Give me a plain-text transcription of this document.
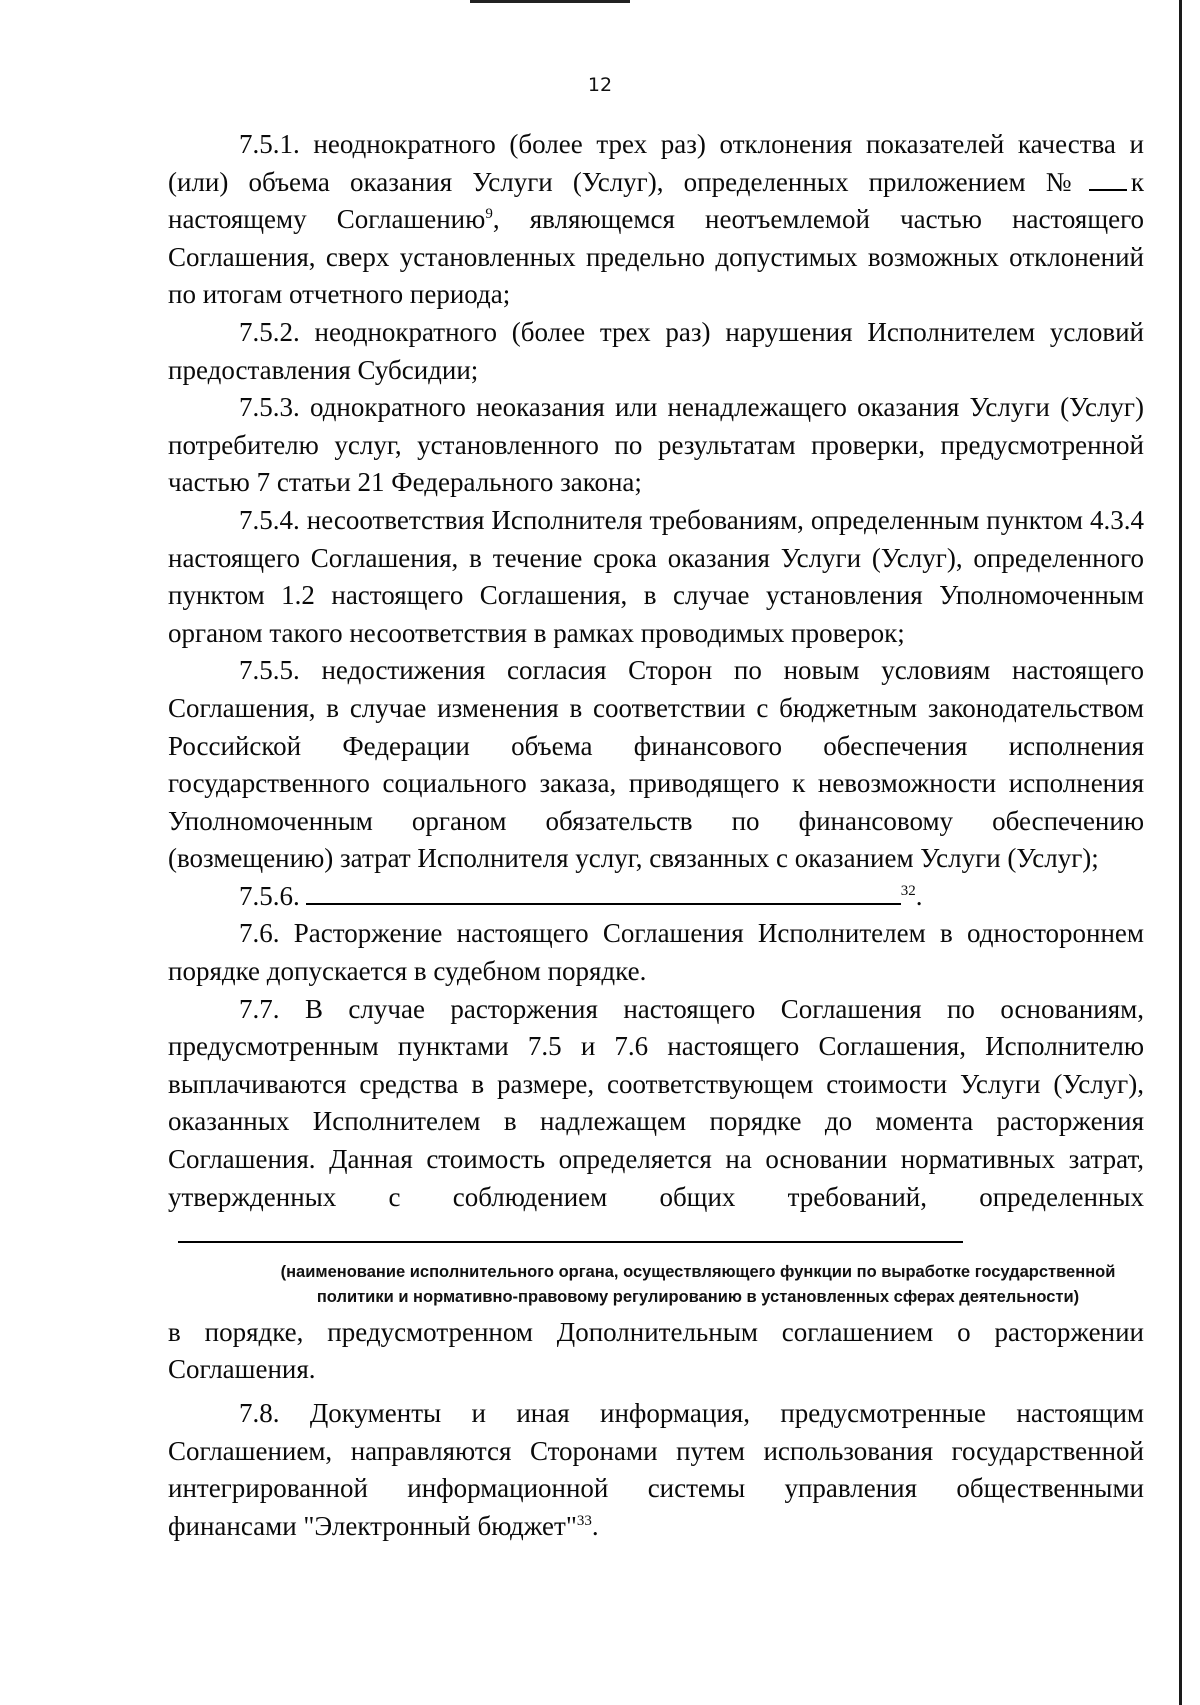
12

7.5.1. неоднократного (более трех раз) отклонения показателей качества и (или) объема оказания Услуги (Услуг), определенных приложением № к настоящему Соглашению$^9$, являющемся неотъемлемой частью настоящего Соглашения, сверх установленных предельно допустимых возможных отклонений по итогам отчетного периода;

7.5.2. неоднократного (более трех раз) нарушения Исполнителем условий предоставления Субсидии;

7.5.3. однократного неоказания или ненадлежащего оказания Услуги (Услуг) потребителю услуг, установленного по результатам проверки, предусмотренной частью 7 статьи 21 Федерального закона;

7.5.4. несоответствия Исполнителя требованиям, определенным пунктом 4.3.4 настоящего Соглашения, в течение срока оказания Услуги (Услуг), определенного пунктом 1.2 настоящего Соглашения, в случае установления Уполномоченным органом такого несоответствия в рамках проводимых проверок;

7.5.5. недостижения согласия Сторон по новым условиям настоящего Соглашения, в случае изменения в соответствии с бюджетным законодательством Российской Федерации объема финансового обеспечения исполнения государственного социального заказа, приводящего к невозможности исполнения Уполномоченным органом обязательств по финансовому обеспечению (возмещению) затрат Исполнителя услуг, связанных с оказанием Услуги (Услуг);

7.5.6.	$^{32}$.

7.6. Расторжение настоящего Соглашения Исполнителем в одностороннем порядке допускается в судебном порядке.

7.7. В случае расторжения настоящего Соглашения по основаниям, предусмотренным пунктами 7.5 и 7.6 настоящего Соглашения, Исполнителю выплачиваются средства в размере, соответствующем стоимости Услуги (Услуг), оказанных Исполнителем в надлежащем порядке до момента расторжения Соглашения. Данная стоимость определяется на основании нормативных затрат, утвержденных с соблюдением общих требований, определенных

(наименование исполнительного органа, осуществляющего функции по выработке государственной политики и нормативно-правовому регулированию в установленных сферах деятельности)

в порядке, предусмотренном Дополнительным соглашением о расторжении Соглашения.

7.8. Документы и иная информация, предусмотренные настоящим Соглашением, направляются Сторонами путем использования государственной интегрированной информационной системы управления общественными финансами "Электронный бюджет"$^{33}$.
